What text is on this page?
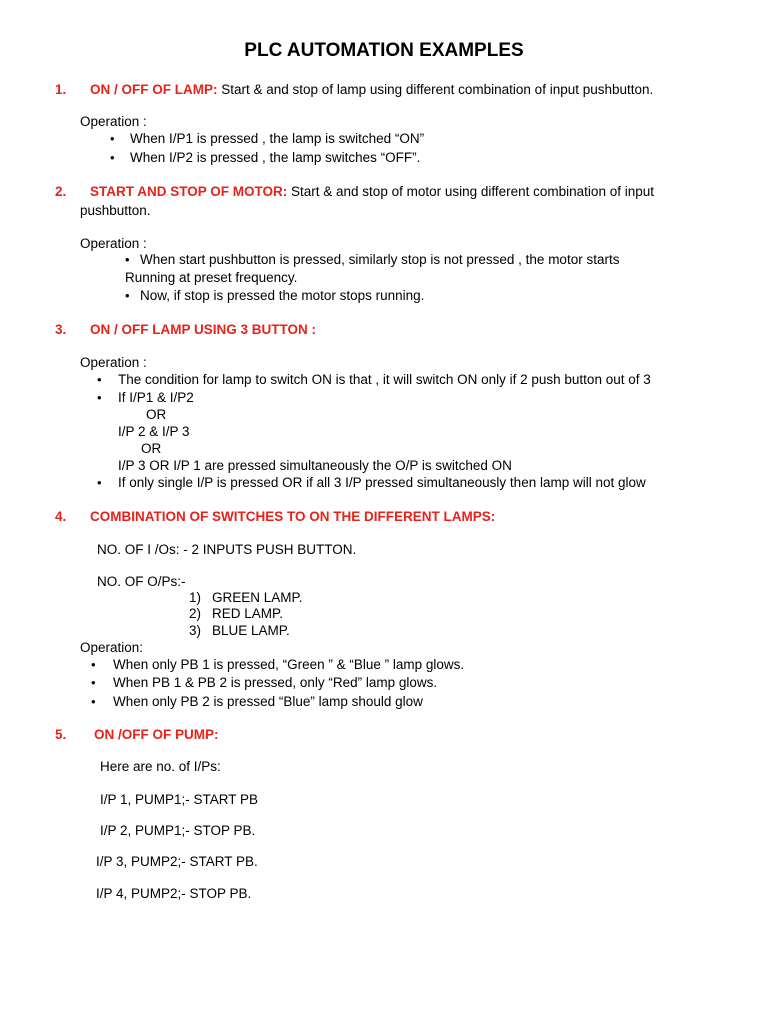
PLC AUTOMATION EXAMPLES
1. ON / OFF OF LAMP: Start & and stop of lamp using different combination of input pushbutton.
Operation :
• When I/P1 is pressed , the lamp is switched “ON”
• When I/P2 is pressed , the lamp switches “OFF”.
2. START AND STOP OF MOTOR: Start & and stop of motor using different combination of input
pushbutton.
Operation :
• When start pushbutton is pressed, similarly stop is not pressed , the motor starts
Running at preset frequency.
• Now, if stop is pressed the motor stops running.
3. ON / OFF LAMP USING 3 BUTTON :
Operation :
• The condition for lamp to switch ON is that , it will switch ON only if 2 push button out of 3
• If I/P1 & I/P2
OR
I/P 2 & I/P 3
OR
I/P 3 OR I/P 1 are pressed simultaneously the O/P is switched ON
• If only single I/P is pressed OR if all 3 I/P pressed simultaneously then lamp will not glow
4. COMBINATION OF SWITCHES TO ON THE DIFFERENT LAMPS:
NO. OF I /Os: - 2 INPUTS PUSH BUTTON.
NO. OF O/Ps:-
1) GREEN LAMP.
2) RED LAMP.
3) BLUE LAMP.
Operation:
• When only PB 1 is pressed, “Green ” & “Blue ” lamp glows.
• When PB 1 & PB 2 is pressed, only “Red” lamp glows.
• When only PB 2 is pressed “Blue” lamp should glow
5. ON /OFF OF PUMP:
Here are no. of I/Ps:
I/P 1, PUMP1;- START PB
I/P 2, PUMP1;- STOP PB.
I/P 3, PUMP2;- START PB.
I/P 4, PUMP2;- STOP PB.
